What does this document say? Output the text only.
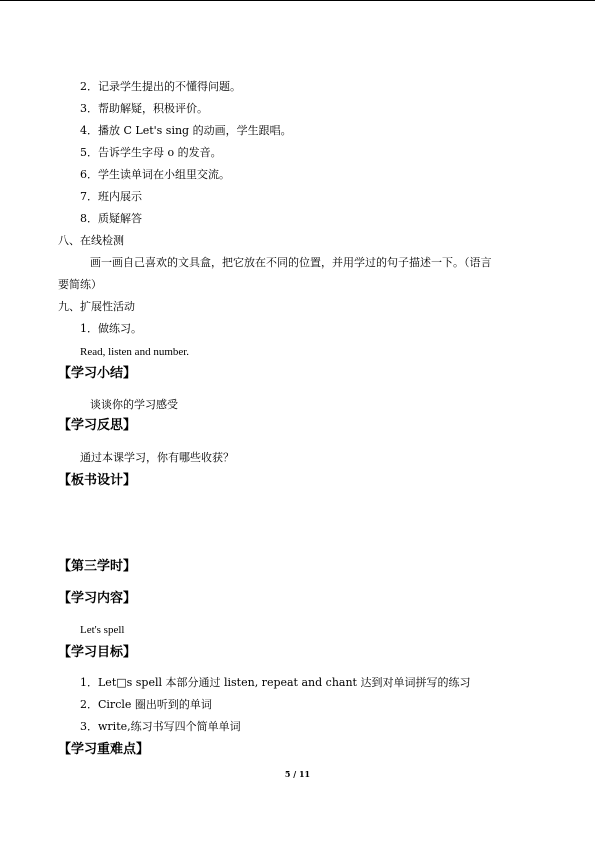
2．记录学生提出的不懂得问题。
3．帮助解疑，积极评价。
4．播放 C Let's sing 的动画，学生跟唱。
5．告诉学生字母 o 的发音。
6．学生读单词在小组里交流。
7．班内展示
8．质疑解答
八、在线检测
画一画自己喜欢的文具盒，把它放在不同的位置，并用学过的句子描述一下。（语言
要简练）
九、扩展性活动
1．做练习。
Read, listen and number.
【学习小结】
谈谈你的学习感受
【学习反思】
通过本课学习，你有哪些收获？
【板书设计】
【第三学时】
【学习内容】
Let's spell
【学习目标】
1．Let□s spell 本部分通过 listen, repeat and chant 达到对单词拼写的练习
2．Circle 圈出听到的单词
3．write,练习书写四个简单单词
【学习重难点】
5 / 11
